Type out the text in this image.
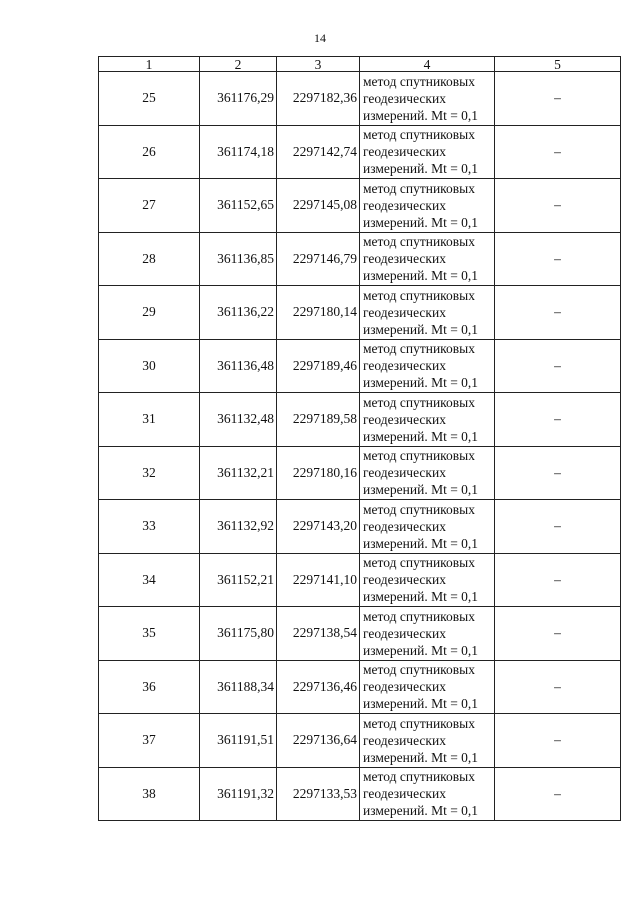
14
1	2	3	4	5
25	361176,29	2297182,36	метод спутниковых
геодезических
измерений. Mt = 0,1	–
26	361174,18	2297142,74	метод спутниковых
геодезических
измерений. Mt = 0,1	–
27	361152,65	2297145,08	метод спутниковых
геодезических
измерений. Mt = 0,1	–
28	361136,85	2297146,79	метод спутниковых
геодезических
измерений. Mt = 0,1	–
29	361136,22	2297180,14	метод спутниковых
геодезических
измерений. Mt = 0,1	–
30	361136,48	2297189,46	метод спутниковых
геодезических
измерений. Mt = 0,1	–
31	361132,48	2297189,58	метод спутниковых
геодезических
измерений. Mt = 0,1	–
32	361132,21	2297180,16	метод спутниковых
геодезических
измерений. Mt = 0,1	–
33	361132,92	2297143,20	метод спутниковых
геодезических
измерений. Mt = 0,1	–
34	361152,21	2297141,10	метод спутниковых
геодезических
измерений. Mt = 0,1	–
35	361175,80	2297138,54	метод спутниковых
геодезических
измерений. Mt = 0,1	–
36	361188,34	2297136,46	метод спутниковых
геодезических
измерений. Mt = 0,1	–
37	361191,51	2297136,64	метод спутниковых
геодезических
измерений. Mt = 0,1	–
38	361191,32	2297133,53	метод спутниковых
геодезических
измерений. Mt = 0,1	–
